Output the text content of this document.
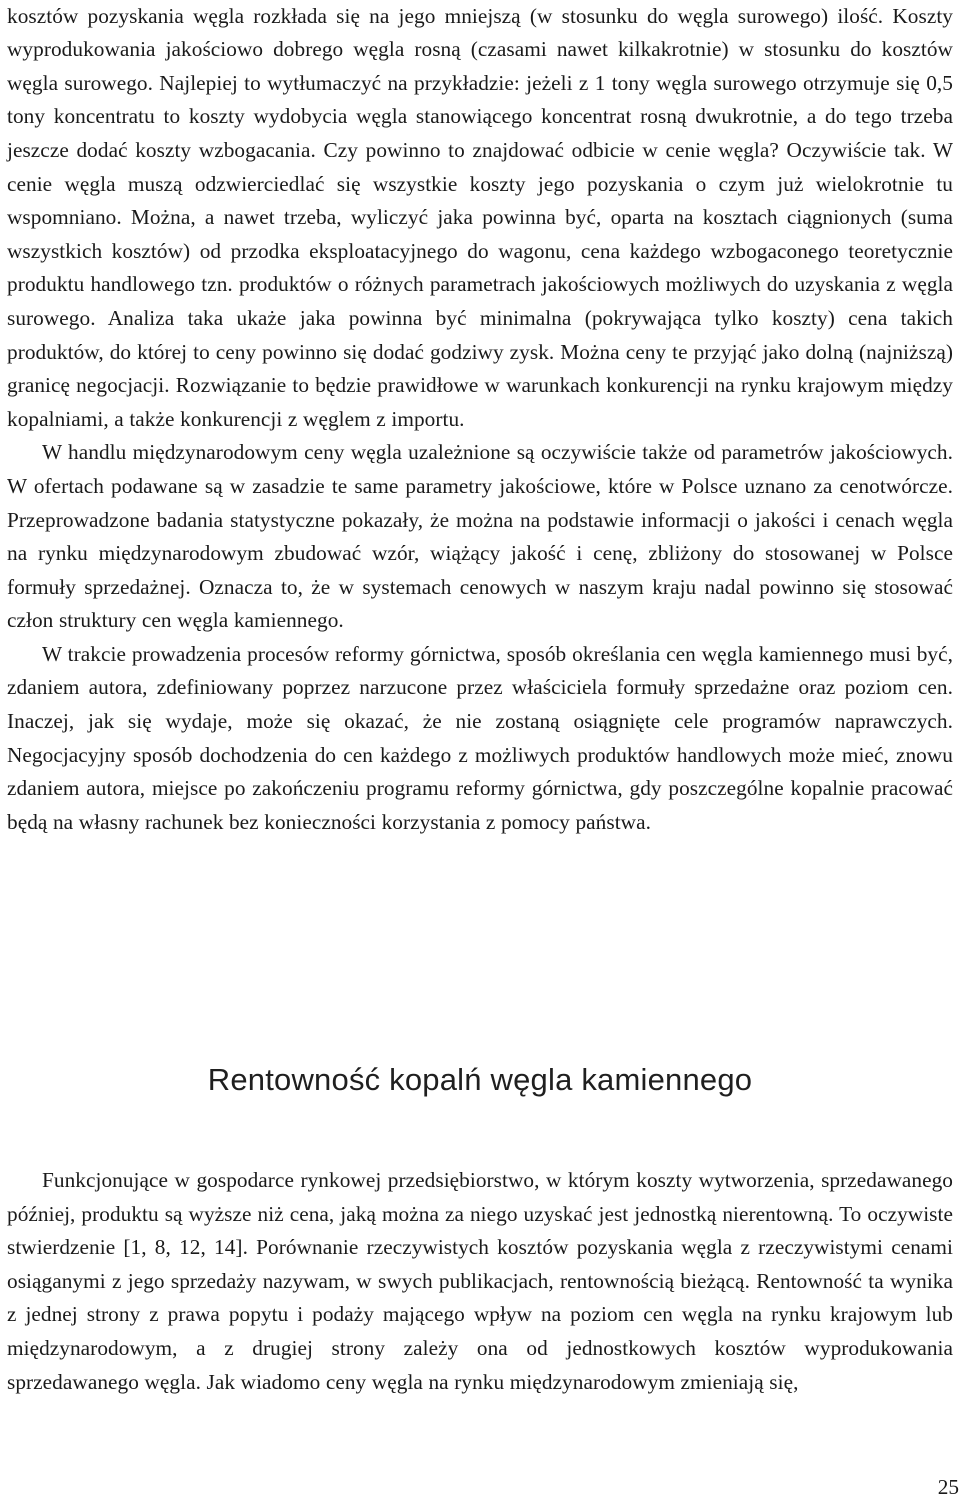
kosztów pozyskania węgla rozkłada się na jego mniejszą (w stosunku do węgla surowego) ilość. Koszty wyprodukowania jakościowo dobrego węgla rosną (czasami nawet kilkakrotnie) w stosunku do kosztów węgla surowego. Najlepiej to wytłumaczyć na przykładzie: jeżeli z 1 tony węgla surowego otrzymuje się 0,5 tony koncentratu to koszty wydobycia węgla stanowiącego koncentrat rosną dwukrotnie, a do tego trzeba jeszcze dodać koszty wzbogacania. Czy powinno to znajdować odbicie w cenie węgla? Oczywiście tak. W cenie węgla muszą odzwierciedlać się wszystkie koszty jego pozyskania o czym już wielokrotnie tu wspomniano. Można, a nawet trzeba, wyliczyć jaka powinna być, oparta na kosztach ciągnionych (suma wszystkich kosztów) od przodka eksploatacyjnego do wagonu, cena każdego wzbogaconego teoretycznie produktu handlowego tzn. produktów o różnych parametrach jakościowych możliwych do uzyskania z węgla surowego. Analiza taka ukaże jaka powinna być minimalna (pokrywająca tylko koszty) cena takich produktów, do której to ceny powinno się dodać godziwy zysk. Można ceny te przyjąć jako dolną (najniższą) granicę negocjacji. Rozwiązanie to będzie prawidłowe w warunkach konkurencji na rynku krajowym między kopalniami, a także konkurencji z węglem z importu.

W handlu międzynarodowym ceny węgla uzależnione są oczywiście także od parametrów jakościowych. W ofertach podawane są w zasadzie te same parametry jakościowe, które w Polsce uznano za cenotwórcze. Przeprowadzone badania statystyczne pokazały, że można na podstawie informacji o jakości i cenach węgla na rynku międzynarodowym zbudować wzór, wiążący jakość i cenę, zbliżony do stosowanej w Polsce formuły sprzedażnej. Oznacza to, że w systemach cenowych w naszym kraju nadal powinno się stosować człon struktury cen węgla kamiennego.

W trakcie prowadzenia procesów reformy górnictwa, sposób określania cen węgla kamiennego musi być, zdaniem autora, zdefiniowany poprzez narzucone przez właściciela formuły sprzedażne oraz poziom cen. Inaczej, jak się wydaje, może się okazać, że nie zostaną osiągnięte cele programów naprawczych. Negocjacyjny sposób dochodzenia do cen każdego z możliwych produktów handlowych może mieć, znowu zdaniem autora, miejsce po zakończeniu programu reformy górnictwa, gdy poszczególne kopalnie pracować będą na własny rachunek bez konieczności korzystania z pomocy państwa.

Rentowność kopalń węgla kamiennego

Funkcjonujące w gospodarce rynkowej przedsiębiorstwo, w którym koszty wytworzenia, sprzedawanego później, produktu są wyższe niż cena, jaką można za niego uzyskać jest jednostką nierentowną. To oczywiste stwierdzenie [1, 8, 12, 14]. Porównanie rzeczywistych kosztów pozyskania węgla z rzeczywistymi cenami osiąganymi z jego sprzedaży nazywam, w swych publikacjach, rentownością bieżącą. Rentowność ta wynika z jednej strony z prawa popytu i podaży mającego wpływ na poziom cen węgla na rynku krajowym lub międzynarodowym, a z drugiej strony zależy ona od jednostkowych kosztów wyprodukowania sprzedawanego węgla. Jak wiadomo ceny węgla na rynku międzynarodowym zmieniają się,

25
